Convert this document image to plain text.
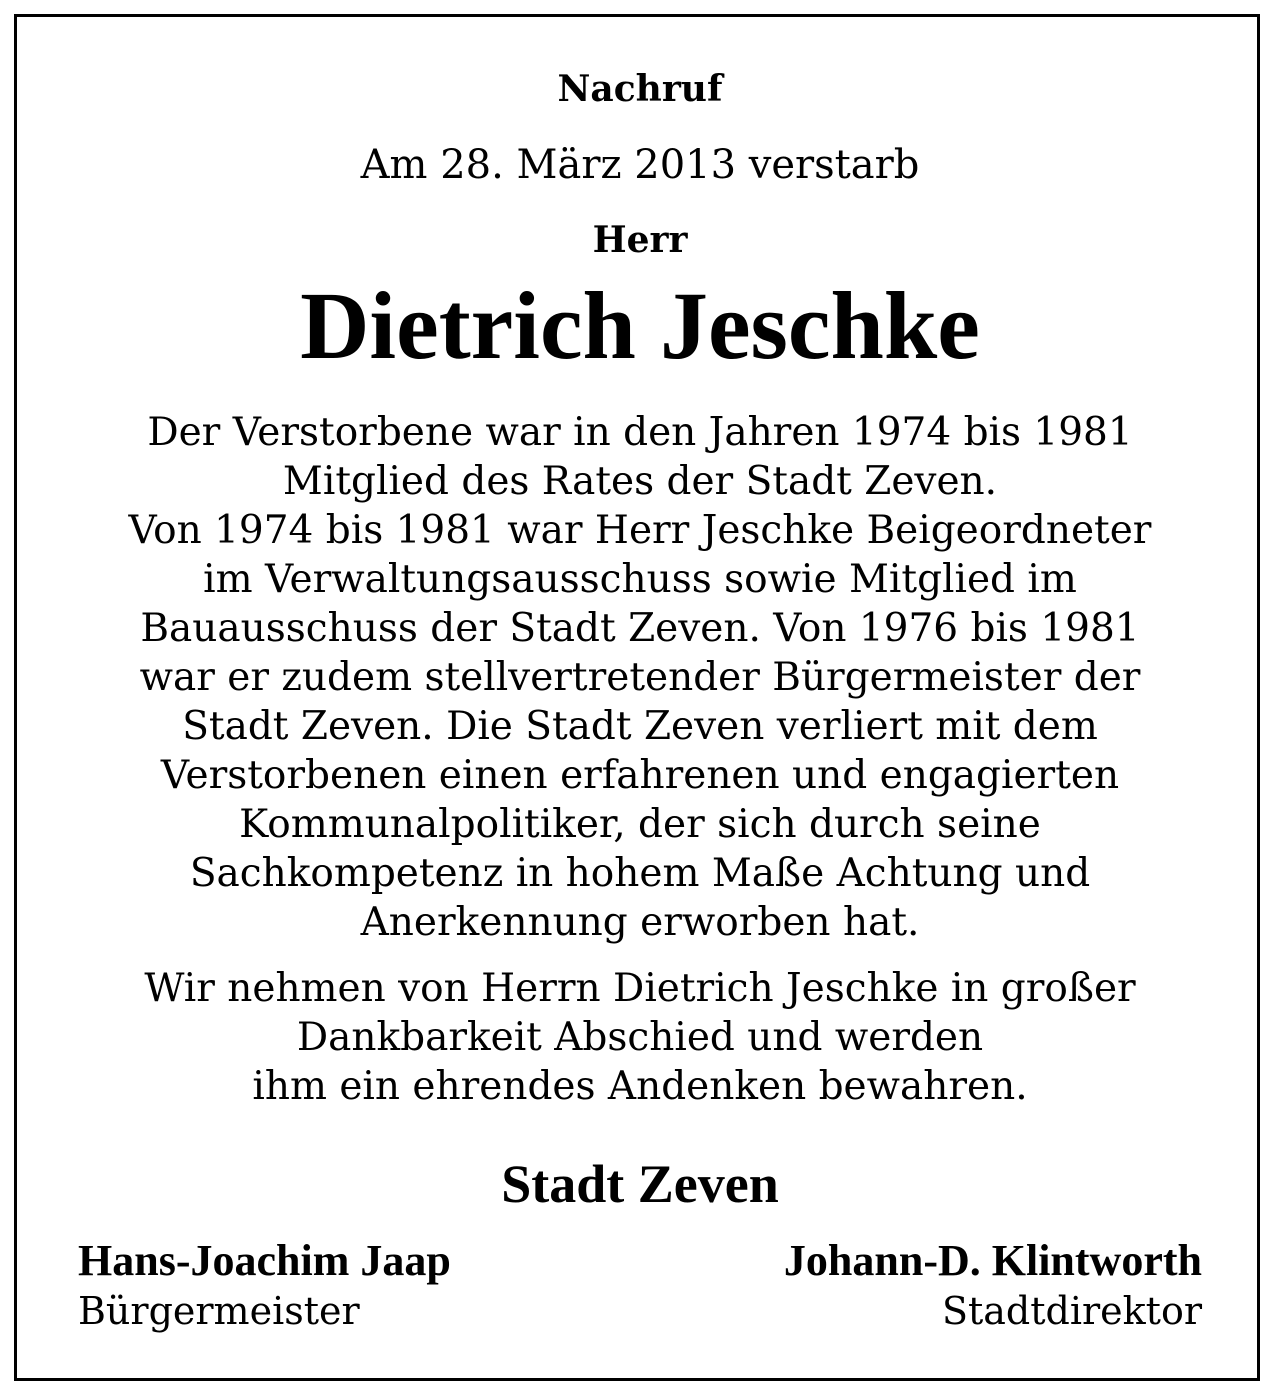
Nachruf
Am 28. März 2013 verstarb
Herr
Dietrich Jeschke
Der Verstorbene war in den Jahren 1974 bis 1981
Mitglied des Rates der Stadt Zeven.
Von 1974 bis 1981 war Herr Jeschke Beigeordneter
im Verwaltungsausschuss sowie Mitglied im
Bauausschuss der Stadt Zeven. Von 1976 bis 1981
war er zudem stellvertretender Bürgermeister der
Stadt Zeven. Die Stadt Zeven verliert mit dem
Verstorbenen einen erfahrenen und engagierten
Kommunalpolitiker, der sich durch seine
Sachkompetenz in hohem Maße Achtung und
Anerkennung erworben hat.
Wir nehmen von Herrn Dietrich Jeschke in großer
Dankbarkeit Abschied und werden
ihm ein ehrendes Andenken bewahren.
Stadt Zeven
Hans-Joachim Jaap
Bürgermeister
Johann-D. Klintworth
Stadtdirektor
